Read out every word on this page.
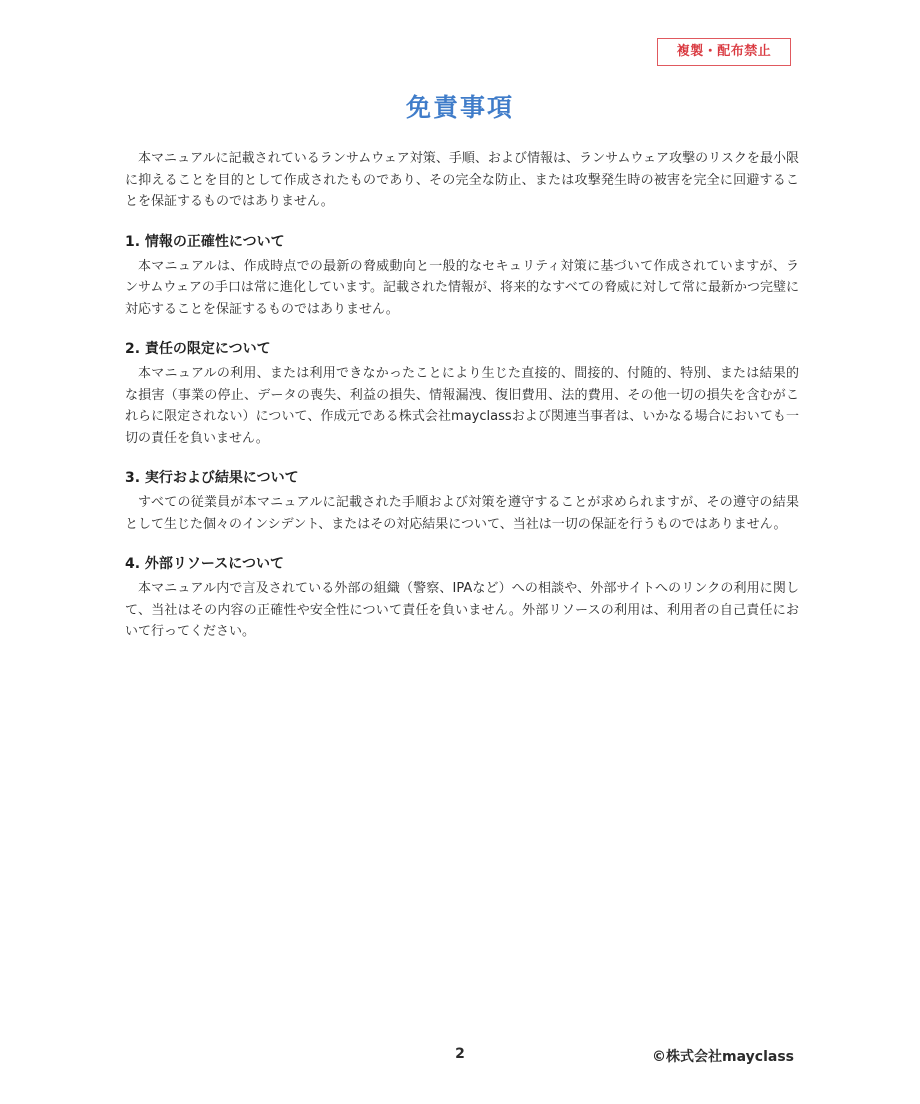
複製・配布禁止
免責事項

本マニュアルに記載されているランサムウェア対策、手順、および情報は、ランサムウェア攻撃のリスクを最小限に抑えることを目的として作成されたものであり、その完全な防止、または攻撃発生時の被害を完全に回避することを保証するものではありません。

1. 情報の正確性について

本マニュアルは、作成時点での最新の脅威動向と一般的なセキュリティ対策に基づいて作成されていますが、ランサムウェアの手口は常に進化しています。記載された情報が、将来的なすべての脅威に対して常に最新かつ完璧に対応することを保証するものではありません。

2. 責任の限定について

本マニュアルの利用、または利用できなかったことにより生じた直接的、間接的、付随的、特別、または結果的な損害（事業の停止、データの喪失、利益の損失、情報漏洩、復旧費用、法的費用、その他一切の損失を含むがこれらに限定されない）について、作成元である株式会社mayclassおよび関連当事者は、いかなる場合においても一切の責任を負いません。

3. 実行および結果について

すべての従業員が本マニュアルに記載された手順および対策を遵守することが求められますが、その遵守の結果として生じた個々のインシデント、またはその対応結果について、当社は一切の保証を行うものではありません。

4. 外部リソースについて

本マニュアル内で言及されている外部の組織（警察、IPAなど）への相談や、外部サイトへのリンクの利用に関して、当社はその内容の正確性や安全性について責任を負いません。外部リソースの利用は、利用者の自己責任において行ってください。

2	©株式会社mayclass
